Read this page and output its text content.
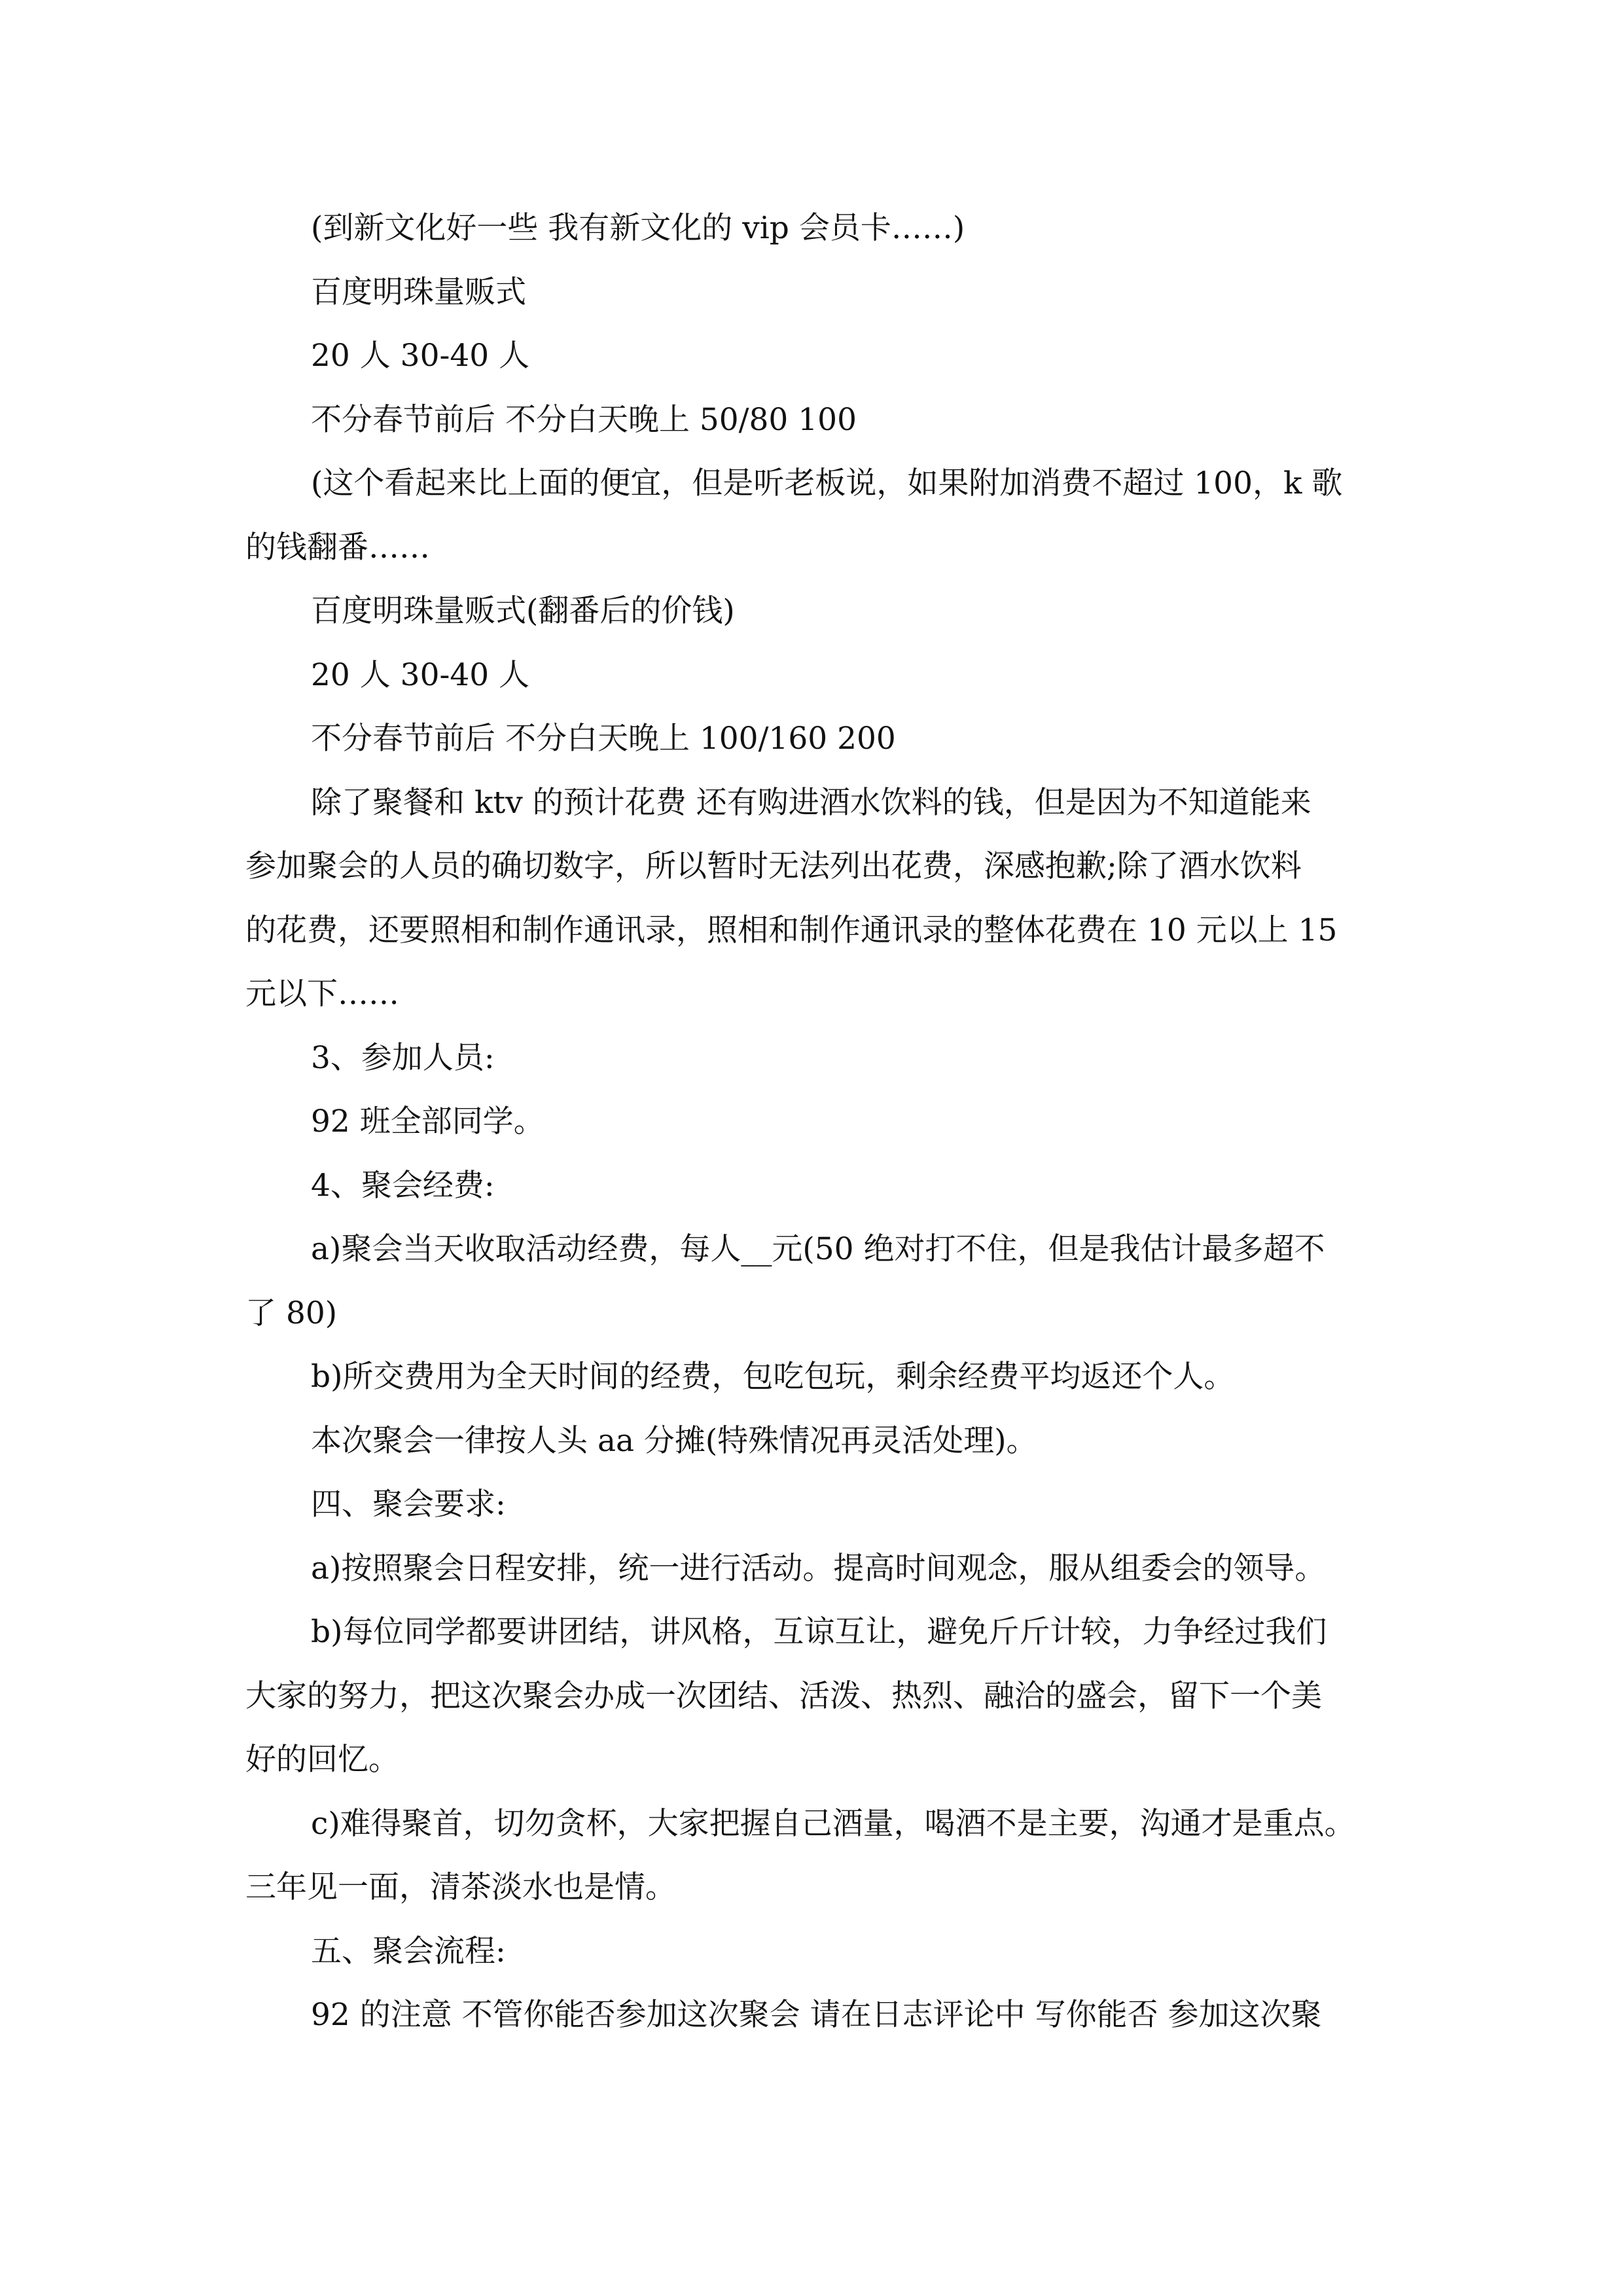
(到新文化好一些 我有新文化的 vip 会员卡……)

百度明珠量贩式

20 人 30-40 人

不分春节前后 不分白天晚上 50/80 100

(这个看起来比上面的便宜，但是听老板说，如果附加消费不超过 100，k 歌

的钱翻番……

百度明珠量贩式(翻番后的价钱)

20 人 30-40 人

不分春节前后 不分白天晚上 100/160 200

除了聚餐和 ktv 的预计花费 还有购进酒水饮料的钱，但是因为不知道能来

参加聚会的人员的确切数字，所以暂时无法列出花费，深感抱歉;除了酒水饮料

的花费，还要照相和制作通讯录，照相和制作通讯录的整体花费在 10 元以上 15

元以下……

3、参加人员:

92 班全部同学。

4、聚会经费:

a)聚会当天收取活动经费，每人__元(50 绝对打不住，但是我估计最多超不

了 80)

b)所交费用为全天时间的经费，包吃包玩，剩余经费平均返还个人。

本次聚会一律按人头 aa 分摊(特殊情况再灵活处理)。

四、聚会要求:

a)按照聚会日程安排，统一进行活动。提高时间观念，服从组委会的领导。

b)每位同学都要讲团结，讲风格，互谅互让，避免斤斤计较，力争经过我们

大家的努力，把这次聚会办成一次团结、活泼、热烈、融洽的盛会，留下一个美

好的回忆。

c)难得聚首，切勿贪杯，大家把握自己酒量，喝酒不是主要，沟通才是重点。

三年见一面，清茶淡水也是情。

五、聚会流程:

92 的注意 不管你能否参加这次聚会 请在日志评论中 写你能否 参加这次聚
